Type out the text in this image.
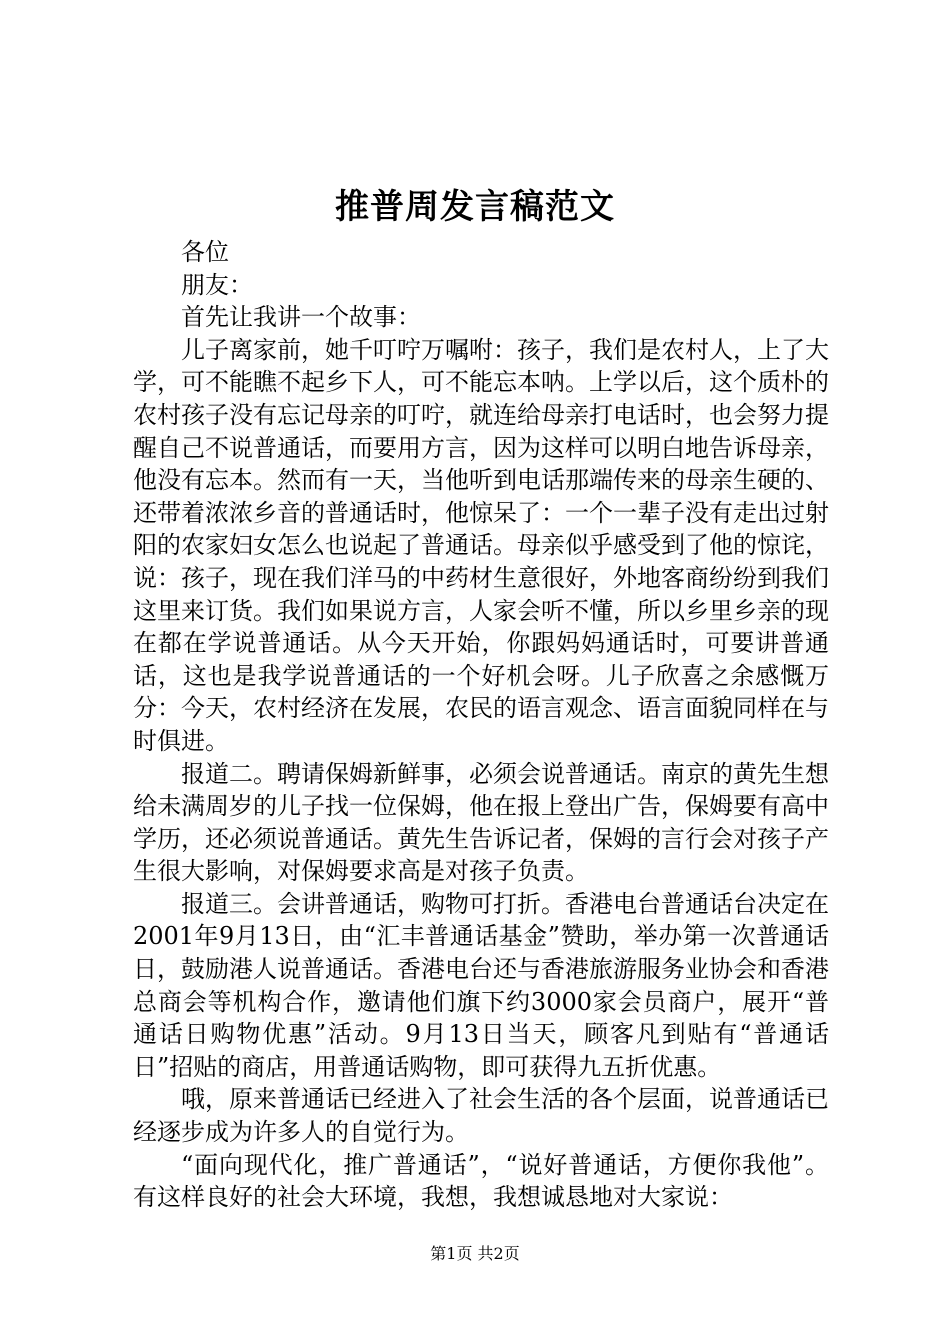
推普周发言稿范文

各位

朋友：

首先让我讲一个故事：

儿子离家前，她千叮咛万嘱咐：孩子，我们是农村人，上了大学，可不能瞧不起乡下人，可不能忘本呐。上学以后，这个质朴的农村孩子没有忘记母亲的叮咛，就连给母亲打电话时，也会努力提醒自己不说普通话，而要用方言，因为这样可以明白地告诉母亲，他没有忘本。然而有一天，当他听到电话那端传来的母亲生硬的、还带着浓浓乡音的普通话时，他惊呆了：一个一辈子没有走出过射阳的农家妇女怎么也说起了普通话。母亲似乎感受到了他的惊诧，说：孩子，现在我们洋马的中药材生意很好，外地客商纷纷到我们这里来订货。我们如果说方言，人家会听不懂，所以乡里乡亲的现在都在学说普通话。从今天开始，你跟妈妈通话时，可要讲普通话，这也是我学说普通话的一个好机会呀。儿子欣喜之余感慨万分：今天，农村经济在发展，农民的语言观念、语言面貌同样在与时俱进。

报道二。聘请保姆新鲜事，必须会说普通话。南京的黄先生想给未满周岁的儿子找一位保姆，他在报上登出广告，保姆要有高中学历，还必须说普通话。黄先生告诉记者，保姆的言行会对孩子产生很大影响，对保姆要求高是对孩子负责。

报道三。会讲普通话，购物可打折。香港电台普通话台决定在2001年9月13日，由“汇丰普通话基金”赞助，举办第一次普通话日，鼓励港人说普通话。香港电台还与香港旅游服务业协会和香港总商会等机构合作，邀请他们旗下约3000家会员商户，展开“普通话日购物优惠”活动。9月13日当天，顾客凡到贴有“普通话日”招贴的商店，用普通话购物，即可获得九五折优惠。

哦，原来普通话已经进入了社会生活的各个层面，说普通话已经逐步成为许多人的自觉行为。

“面向现代化，推广普通话”，“说好普通话，方便你我他”。有这样良好的社会大环境，我想，我想诚恳地对大家说：

第1页 共2页
